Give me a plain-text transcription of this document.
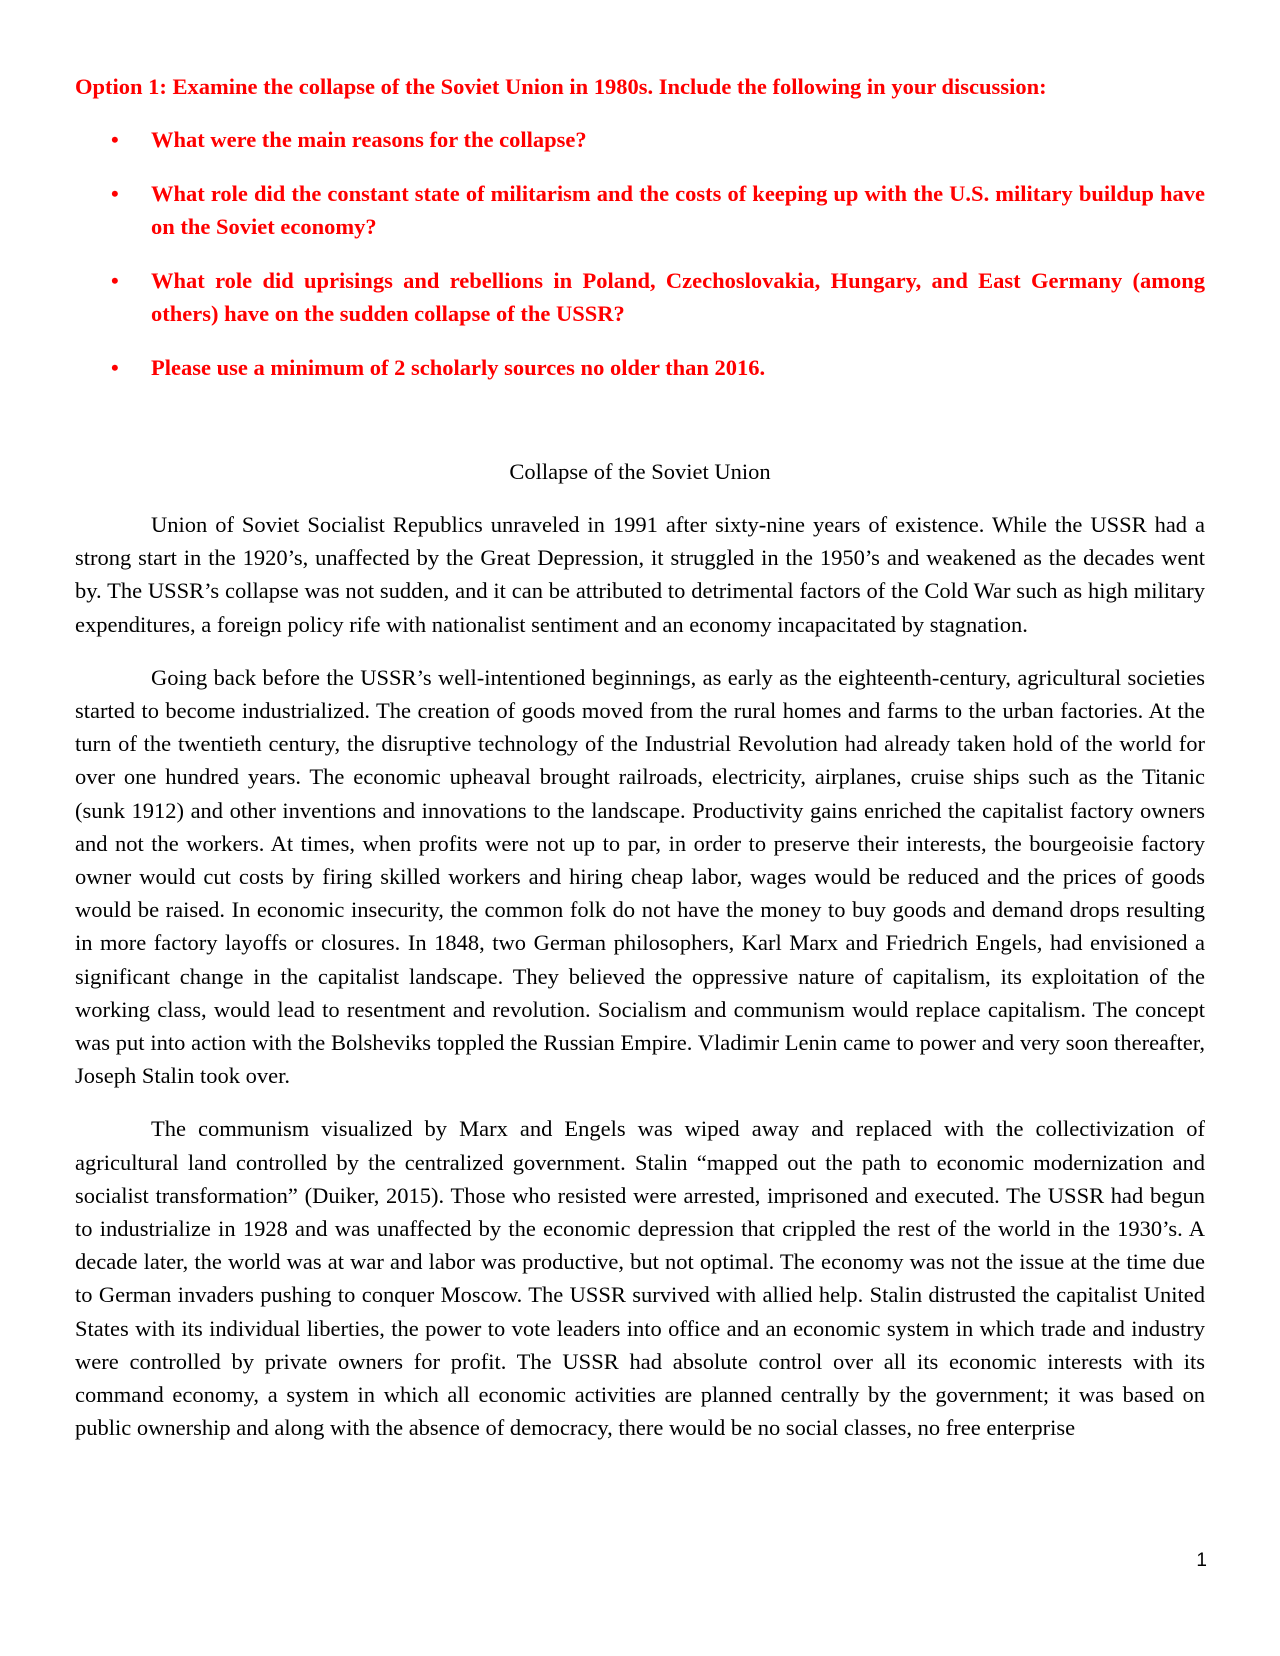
Option 1: Examine the collapse of the Soviet Union in 1980s. Include the following in your discussion:

• What were the main reasons for the collapse?
• What role did the constant state of militarism and the costs of keeping up with the U.S. military buildup have on the Soviet economy?
• What role did uprisings and rebellions in Poland, Czechoslovakia, Hungary, and East Germany (among others) have on the sudden collapse of the USSR?
• Please use a minimum of 2 scholarly sources no older than 2016.
Collapse of the Soviet Union

Union of Soviet Socialist Republics unraveled in 1991 after sixty-nine years of existence. While the USSR had a strong start in the 1920’s, unaffected by the Great Depression, it struggled in the 1950’s and weakened as the decades went by. The USSR’s collapse was not sudden, and it can be attributed to detrimental factors of the Cold War such as high military expenditures, a foreign policy rife with nationalist sentiment and an economy incapacitated by stagnation.

Going back before the USSR’s well-intentioned beginnings, as early as the eighteenth-century, agricultural societies started to become industrialized. The creation of goods moved from the rural homes and farms to the urban factories. At the turn of the twentieth century, the disruptive technology of the Industrial Revolution had already taken hold of the world for over one hundred years. The economic upheaval brought railroads, electricity, airplanes, cruise ships such as the Titanic (sunk 1912) and other inventions and innovations to the landscape. Productivity gains enriched the capitalist factory owners and not the workers. At times, when profits were not up to par, in order to preserve their interests, the bourgeoisie factory owner would cut costs by firing skilled workers and hiring cheap labor, wages would be reduced and the prices of goods would be raised. In economic insecurity, the common folk do not have the money to buy goods and demand drops resulting in more factory layoffs or closures. In 1848, two German philosophers, Karl Marx and Friedrich Engels, had envisioned a significant change in the capitalist landscape. They believed the oppressive nature of capitalism, its exploitation of the working class, would lead to resentment and revolution. Socialism and communism would replace capitalism. The concept was put into action with the Bolsheviks toppled the Russian Empire. Vladimir Lenin came to power and very soon thereafter, Joseph Stalin took over.

The communism visualized by Marx and Engels was wiped away and replaced with the collectivization of agricultural land controlled by the centralized government. Stalin “mapped out the path to economic modernization and socialist transformation” (Duiker, 2015). Those who resisted were arrested, imprisoned and executed. The USSR had begun to industrialize in 1928 and was unaffected by the economic depression that crippled the rest of the world in the 1930’s. A decade later, the world was at war and labor was productive, but not optimal. The economy was not the issue at the time due to German invaders pushing to conquer Moscow. The USSR survived with allied help. Stalin distrusted the capitalist United States with its individual liberties, the power to vote leaders into office and an economic system in which trade and industry were controlled by private owners for profit. The USSR had absolute control over all its economic interests with its command economy, a system in which all economic activities are planned centrally by the government; it was based on public ownership and along with the absence of democracy, there would be no social classes, no free enterprise

1
